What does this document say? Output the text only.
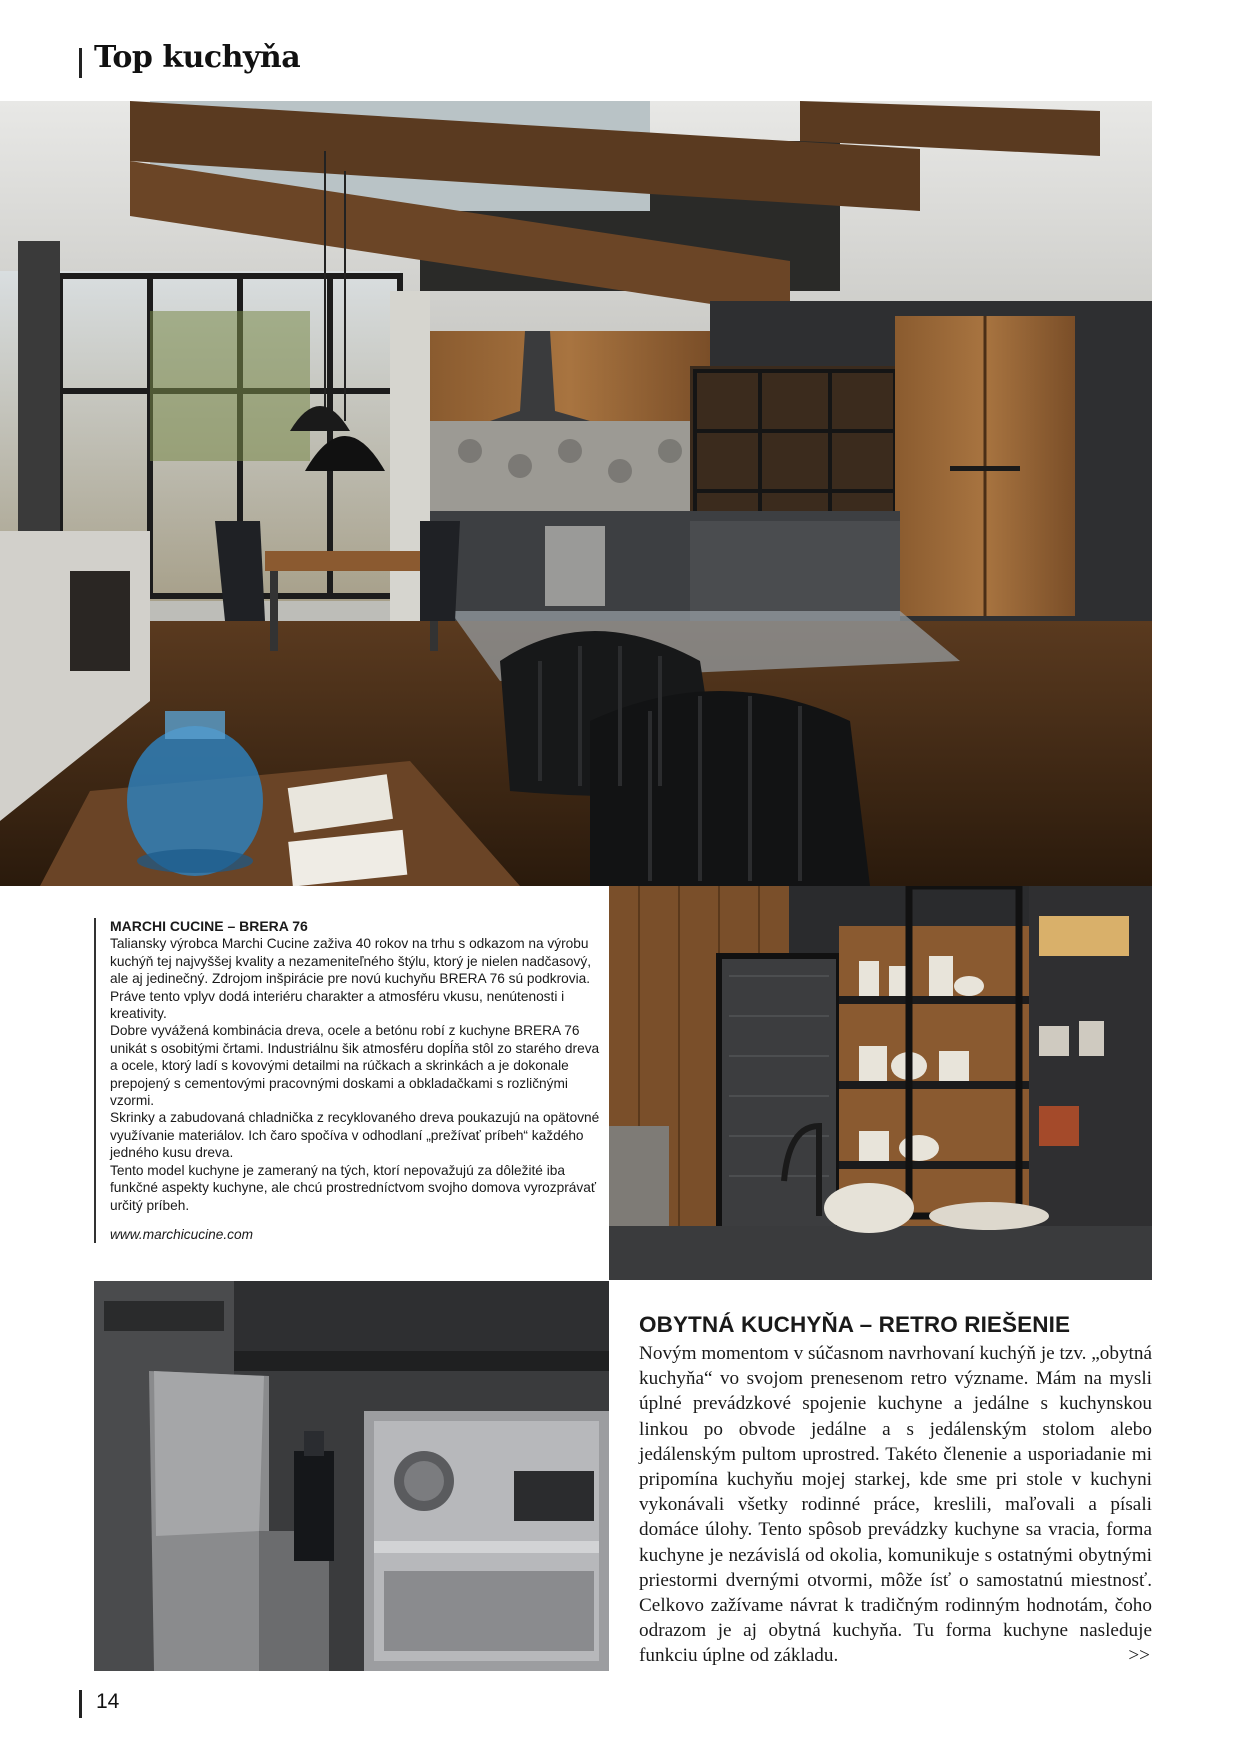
Top kuchyňa

MARCHI CUCINE – BRERA 76

Taliansky výrobca Marchi Cucine zaživa 40 rokov na trhu s odkazom na výrobu kuchýň tej najvyššej kvality a nezameniteľného štýlu, ktorý je nielen nadčasový, ale aj jedinečný. Zdrojom inšpirácie pre novú kuchyňu BRERA 76 sú podkrovia. Práve tento vplyv dodá interiéru charakter a atmosféru vkusu, nenútenosti i kreativity.

Dobre vyvážená kombinácia dreva, ocele a betónu robí z kuchyne BRERA 76 unikát s osobitými črtami. Industriálnu šik atmosféru dopĺňa stôl zo starého dreva a ocele, ktorý ladí s kovovými detailmi na rúčkach a skrinkách a je dokonale prepojený s cementovými pracovnými doskami a obkladačkami s rozličnými vzormi.

Skrinky a zabudovaná chladnička z recyklovaného dreva poukazujú na opätovné využívanie materiálov. Ich čaro spočíva v odhodlaní „prežívať príbeh“ každého jedného kusu dreva.

Tento model kuchyne je zameraný na tých, ktorí nepovažujú za dôležité iba funkčné aspekty kuchyne, ale chcú prostredníctvom svojho domova vyrozprávať určitý príbeh.

www.marchicucine.com

OBYTNÁ KUCHYŇA – RETRO RIEŠENIE

Novým momentom v súčasnom navrhovaní kuchýň je tzv. „obytná kuchyňa“ vo svojom prenesenom retro význame. Mám na mysli úplné prevádzkové spojenie kuchyne a jedálne s kuchynskou linkou po obvode jedálne a s jedálenským stolom alebo jedálenským pultom uprostred. Takéto členenie a usporiadanie mi pripomína kuchyňu mojej starkej, kde sme pri stole v kuchyni vykonávali všetky rodinné práce, kreslili, maľovali a písali domáce úlohy. Tento spôsob prevádzky kuchyne sa vracia, forma kuchyne je nezávislá od okolia, komunikuje s ostatnými obytnými priestormi dvernými otvormi, môže ísť o samostatnú miestnosť. Celkovo zažívame návrat k tradičným rodinným hodnotám, čoho odrazom je aj obytná kuchyňa. Tu forma kuchyne nasleduje funkciu úplne od základu.	>>

14
